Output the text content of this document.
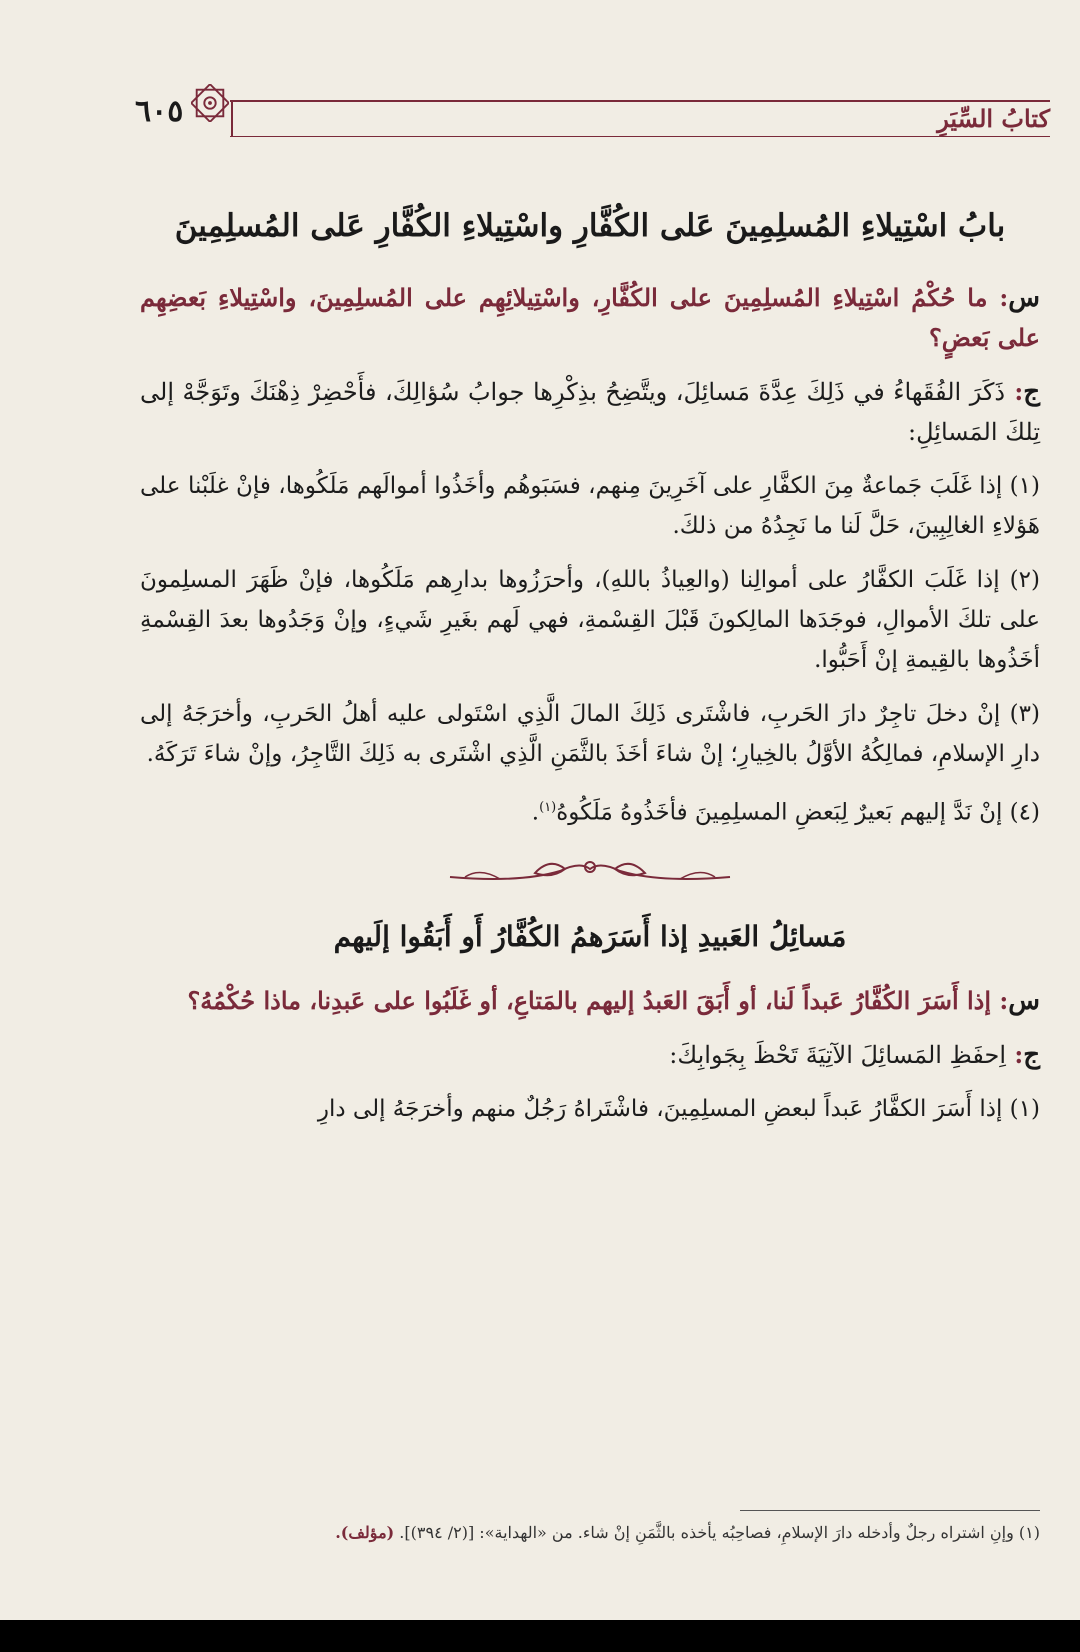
٦٠٥	كتابُ السِّيَرِ
بابُ اسْتِيلاءِ المُسلِمِينَ عَلى الكُفَّارِ واسْتِيلاءِ الكُفَّارِ عَلى المُسلِمِينَ
س: ما حُكْمُ اسْتِيلاءِ المُسلِمِينَ على الكُفَّارِ، واسْتِيلائِهِم على المُسلِمِينَ، واسْتِيلاءِ بَعضِهِم على بَعضٍ؟
ج: ذَكَرَ الفُقَهاءُ في ذَلِكَ عِدَّةَ مَسائِلَ، ويتَّضِحُ بذِكْرِها جوابُ سُؤالِكَ، فأَحْضِرْ ذِهْنَكَ وتَوَجَّهْ إلى تِلكَ المَسائِلِ:
(١) إذا غَلَبَ جَماعةٌ مِنَ الكفَّارِ على آخَرِينَ مِنهم، فسَبَوهُم وأخَذُوا أموالَهم مَلَكُوها، فإنْ غلَبْنا على هَؤلاءِ الغالِبِينَ، حَلَّ لَنا ما نَجِدُهُ من ذلكَ.
(٢) إذا غَلَبَ الكفَّارُ على أموالِنا (والعِياذُ باللهِ)، وأحرَزُوها بدارِهم مَلَكُوها، فإنْ ظَهَرَ المسلِمونَ على تلكَ الأموالِ، فوجَدَها المالِكونَ قَبْلَ القِسْمةِ، فهي لَهم بغَيرِ شَيءٍ، وإنْ وَجَدُوها بعدَ القِسْمةِ أخَذُوها بالقِيمةِ إنْ أَحَبُّوا.
(٣) إنْ دخلَ تاجِرٌ دارَ الحَربِ، فاشْتَرى ذَلِكَ المالَ الَّذِي اسْتَولى عليه أهلُ الحَربِ، وأخرَجَهُ إلى دارِ الإسلامِ، فمالِكُهُ الأوَّلُ بالخِيارِ؛ إنْ شاءَ أخَذَ بالثَّمَنِ الَّذِي اشْتَرى به ذَلِكَ التَّاجِرُ، وإنْ شاءَ تَرَكَهُ.
(٤) إنْ نَدَّ إليهم بَعيرٌ لِبَعضِ المسلِمِينَ فأخَذُوهُ مَلَكُوهُ$^{(١)}$.
مَسائِلُ العَبيدِ إذا أَسَرَهمُ الكُفَّارُ أَو أَبَقُوا إلَيهم
س: إذا أَسَرَ الكُفَّارُ عَبداً لَنا، أو أَبَقَ العَبدُ إليهم بالمَتاعِ، أو غَلَبُوا على عَبدِنا، ماذا حُكْمُهُ؟
ج: اِحفَظِ المَسائِلَ الآتِيَةَ تَحْظَ بِجَوابِكَ:
(١) إذا أَسَرَ الكفَّارُ عَبداً لبعضِ المسلِمِينَ، فاشْتَراهُ رَجُلٌ منهم وأخرَجَهُ إلى دارِ
(١) وإنِ اشتراه رجلٌ وأدخله دارَ الإسلامِ، فصاحِبُه يأخذه بالثَّمَنِ إنْ شاء. من «الهداية»: [(٢/ ٣٩٤)]. (مؤلف).
